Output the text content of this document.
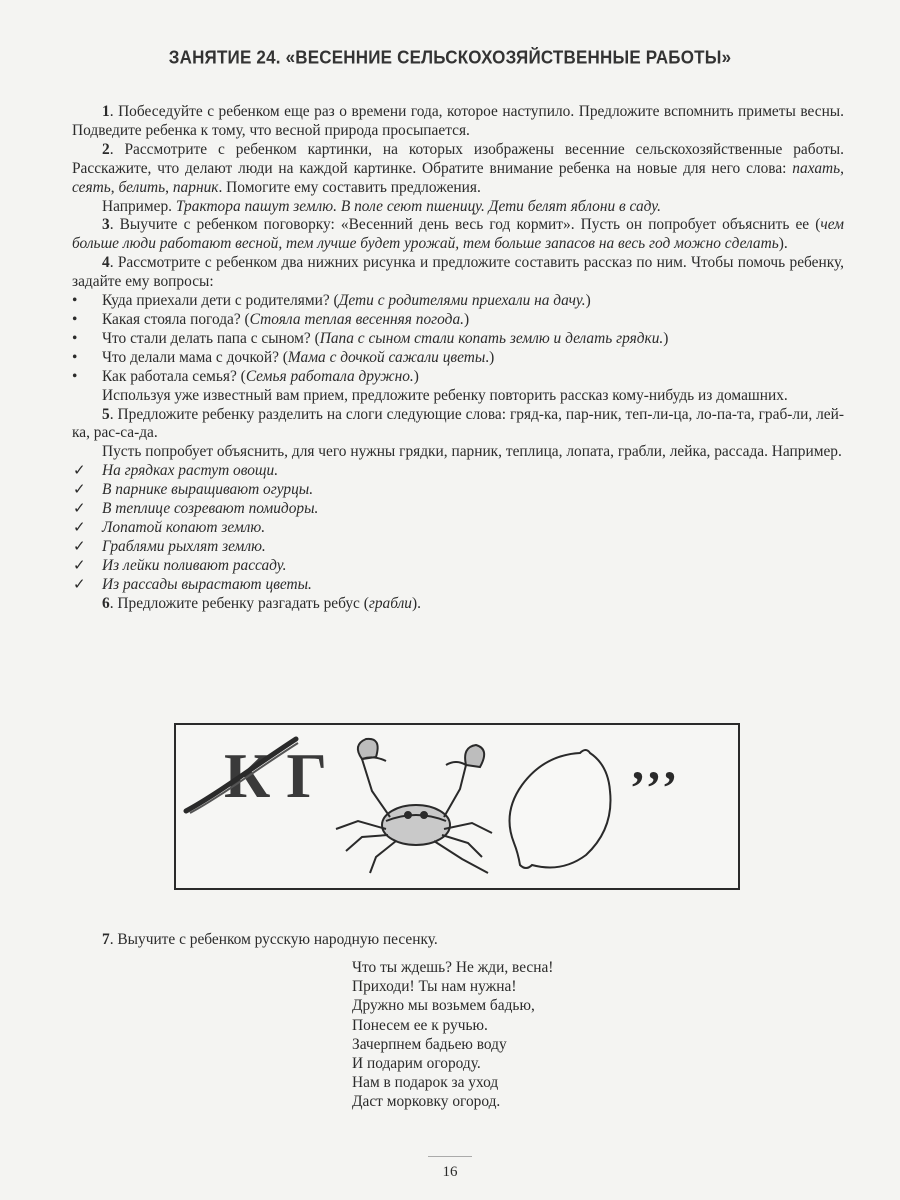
ЗАНЯТИЕ 24. «ВЕСЕННИЕ СЕЛЬСКОХОЗЯЙСТВЕННЫЕ РАБОТЫ»

1. Побеседуйте с ребенком еще раз о времени года, которое наступило. Предложите вспомнить приметы весны. Подведите ребенка к тому, что весной природа просыпается.

2. Рассмотрите с ребенком картинки, на которых изображены весенние сельскохозяйственные работы. Расскажите, что делают люди на каждой картинке. Обратите внимание ребенка на новые для него слова: пахать, сеять, белить, парник. Помогите ему составить предложения.

Например. Трактора пашут землю. В поле сеют пшеницу. Дети белят яблони в саду.

3. Выучите с ребенком поговорку: «Весенний день весь год кормит». Пусть он попробует объяснить ее (чем больше люди работают весной, тем лучше будет урожай, тем больше запасов на весь год можно сделать).

4. Рассмотрите с ребенком два нижних рисунка и предложите составить рассказ по ним. Чтобы помочь ребенку, задайте ему вопросы:

• Куда приехали дети с родителями? (Дети с родителями приехали на дачу.)

• Какая стояла погода? (Стояла теплая весенняя погода.)

• Что стали делать папа с сыном? (Папа с сыном стали копать землю и делать грядки.)

• Что делали мама с дочкой? (Мама с дочкой сажали цветы.)

• Как работала семья? (Семья работала дружно.)

Используя уже известный вам прием, предложите ребенку повторить рассказ кому-нибудь из домашних.

5. Предложите ребенку разделить на слоги следующие слова: гряд-ка, пар-ник, теп-ли-ца, ло-па-та, граб-ли, лей-ка, рас-са-да.

Пусть попробует объяснить, для чего нужны грядки, парник, теплица, лопата, грабли, лейка, рассада. Например.

✓ На грядках растут овощи.

✓ В парнике выращивают огурцы.

✓ В теплице созревают помидоры.

✓ Лопатой копают землю.

✓ Граблями рыхлят землю.

✓ Из лейки поливают рассаду.

✓ Из рассады вырастают цветы.

6. Предложите ребенку разгадать ребус (грабли).

К Г	,,,
7. Выучите с ребенком русскую народную песенку.
Что ты ждешь? Не жди, весна!
Приходи! Ты нам нужна!
Дружно мы возьмем бадью,
Понесем ее к ручью.
Зачерпнем бадьею воду
И подарим огороду.
Нам в подарок за уход
Даст морковку огород.
16
